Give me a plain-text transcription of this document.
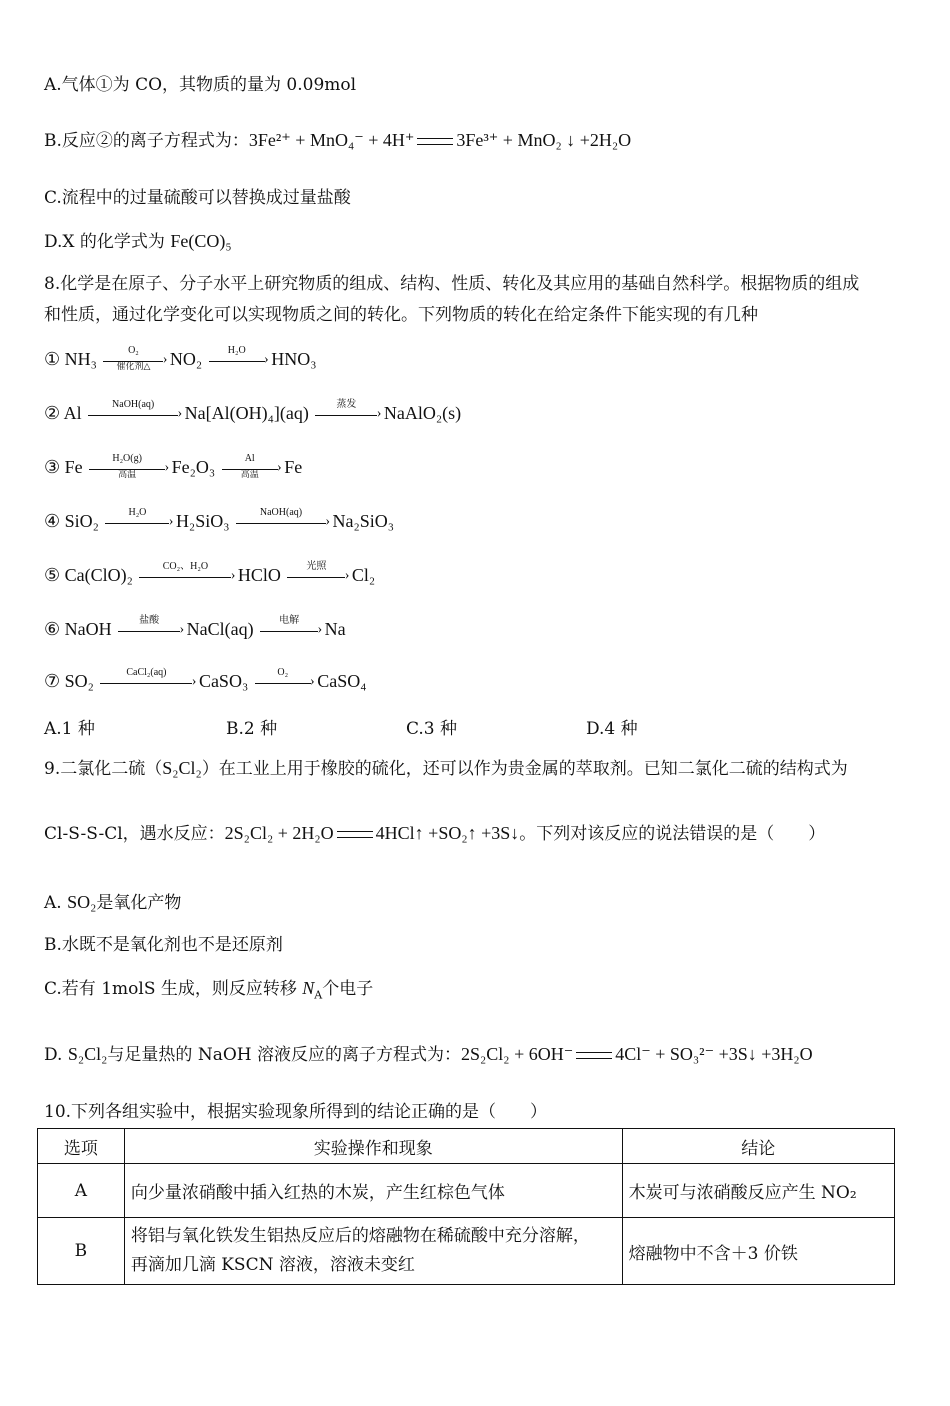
A.气体①为 CO，其物质的量为 0.09mol
B.反应②的离子方程式为：3Fe²⁺ + MnO₄⁻ + 4H⁺ 3Fe³⁺ + MnO₂ ↓ +2H₂O
C.流程中的过量硫酸可以替换成过量盐酸
D.X 的化学式为 Fe(CO)₅
8.化学是在原子、分子水平上研究物质的组成、结构、性质、转化及其应用的基础自然科学。根据物质的组成
和性质，通过化学变化可以实现物质之间的转化。下列物质的转化在给定条件下能实现的有几种
① NH₃	O₂
›
催化剂△	NO₂	H₂O
› HNO₃
② Al	NaOH(aq)
› Na[Al(OH)₄](aq)	蒸发
› NaAlO₂(s)
③ Fe	H₂O(g)
›
高温	Fe₂O₃	Al
›
高温	Fe
④ SiO₂	H₂O
› H₂SiO₃	NaOH(aq)
› Na₂SiO₃
⑤ Ca(ClO)₂	CO₂、H₂O
› HClO	光照
› Cl₂
⑥ NaOH	盐酸
› NaCl(aq)	电解
› Na
⑦ SO₂	CaCl₂(aq)
› CaSO₃	O₂
› CaSO₄
A.1 种	B.2 种	C.3 种	D.4 种
9.二氯化二硫（S₂Cl₂）在工业上用于橡胶的硫化，还可以作为贵金属的萃取剂。已知二氯化二硫的结构式为
Cl-S-S-Cl，遇水反应：2S₂Cl₂ + 2H₂O 4HCl↑ +SO₂↑ +3S↓。下列对该反应的说法错误的是（　　）
A. SO₂是氧化产物
B.水既不是氧化剂也不是还原剂
C.若有 1molS 生成，则反应转移 $N_A$个电子
D. S₂Cl₂与足量热的 NaOH 溶液反应的离子方程式为：2S₂Cl₂ + 6OH⁻ 4Cl⁻ + SO₃²⁻ +3S↓ +3H₂O
10.下列各组实验中，根据实验现象所得到的结论正确的是（　　）
选项	实验操作和现象	结论
A	向少量浓硝酸中插入红热的木炭，产生红棕色气体	木炭可与浓硝酸反应产生 NO₂
B	将铝与氧化铁发生铝热反应后的熔融物在稀硫酸中充分溶解，
再滴加几滴 KSCN 溶液，溶液未变红	熔融物中不含＋3 价铁
